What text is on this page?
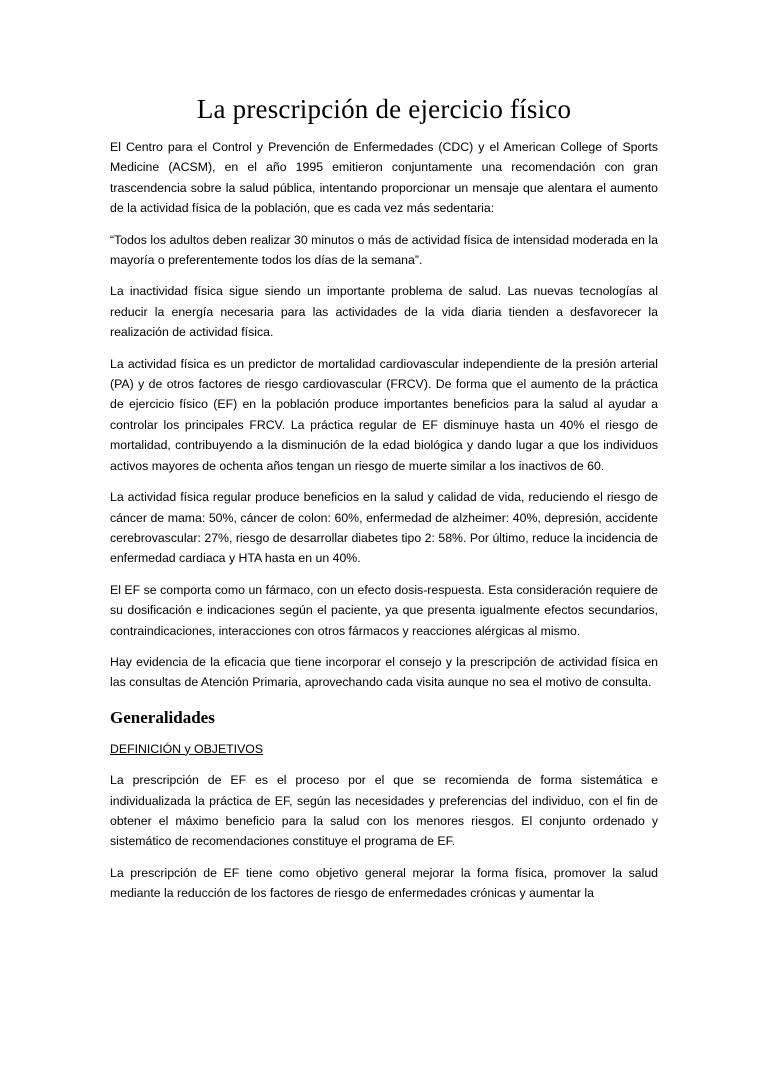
La prescripción de ejercicio físico

El Centro para el Control y Prevención de Enfermedades (CDC) y el American College of Sports Medicine (ACSM), en el año 1995 emitieron conjuntamente una recomendación con gran trascendencia sobre la salud pública, intentando proporcionar un mensaje que alentara el aumento de la actividad física de la población, que es cada vez más sedentaria:

“Todos los adultos deben realizar 30 minutos o más de actividad física de intensidad moderada en la mayoría o preferentemente todos los días de la semana”.

La inactividad física sigue siendo un importante problema de salud. Las nuevas tecnologías al reducir la energía necesaria para las actividades de la vida diaria tienden a desfavorecer la realización de actividad física.

La actividad física es un predictor de mortalidad cardiovascular independiente de la presión arterial (PA) y de otros factores de riesgo cardiovascular (FRCV). De forma que el aumento de la práctica de ejercicio físico (EF) en la población produce importantes beneficios para la salud al ayudar a controlar los principales FRCV. La práctica regular de EF disminuye hasta un 40% el riesgo de mortalidad, contribuyendo a la disminución de la edad biológica y dando lugar a que los individuos activos mayores de ochenta años tengan un riesgo de muerte similar a los inactivos de 60.

La actividad física regular produce beneficios en la salud y calidad de vida, reduciendo el riesgo de cáncer de mama: 50%, cáncer de colon: 60%, enfermedad de alzheimer: 40%, depresión, accidente cerebrovascular: 27%, riesgo de desarrollar diabetes tipo 2: 58%. Por último, reduce la incidencia de enfermedad cardiaca y HTA hasta en un 40%.

El EF se comporta como un fármaco, con un efecto dosis-respuesta. Esta consideración requiere de su dosificación e indicaciones según el paciente, ya que presenta igualmente efectos secundarios, contraindicaciones, interacciones con otros fármacos y reacciones alérgicas al mismo.

Hay evidencia de la eficacia que tiene incorporar el consejo y la prescripción de actividad física en las consultas de Atención Primaria, aprovechando cada visita aunque no sea el motivo de consulta.

Generalidades

DEFINICIÓN y OBJETIVOS

La prescripción de EF es el proceso por el que se recomienda de forma sistemática e individualizada la práctica de EF, según las necesidades y preferencias del individuo, con el fin de obtener el máximo beneficio para la salud con los menores riesgos. El conjunto ordenado y sistemático de recomendaciones constituye el programa de EF.

La prescripción de EF tiene como objetivo general mejorar la forma física, promover la salud mediante la reducción de los factores de riesgo de enfermedades crónicas y aumentar la
